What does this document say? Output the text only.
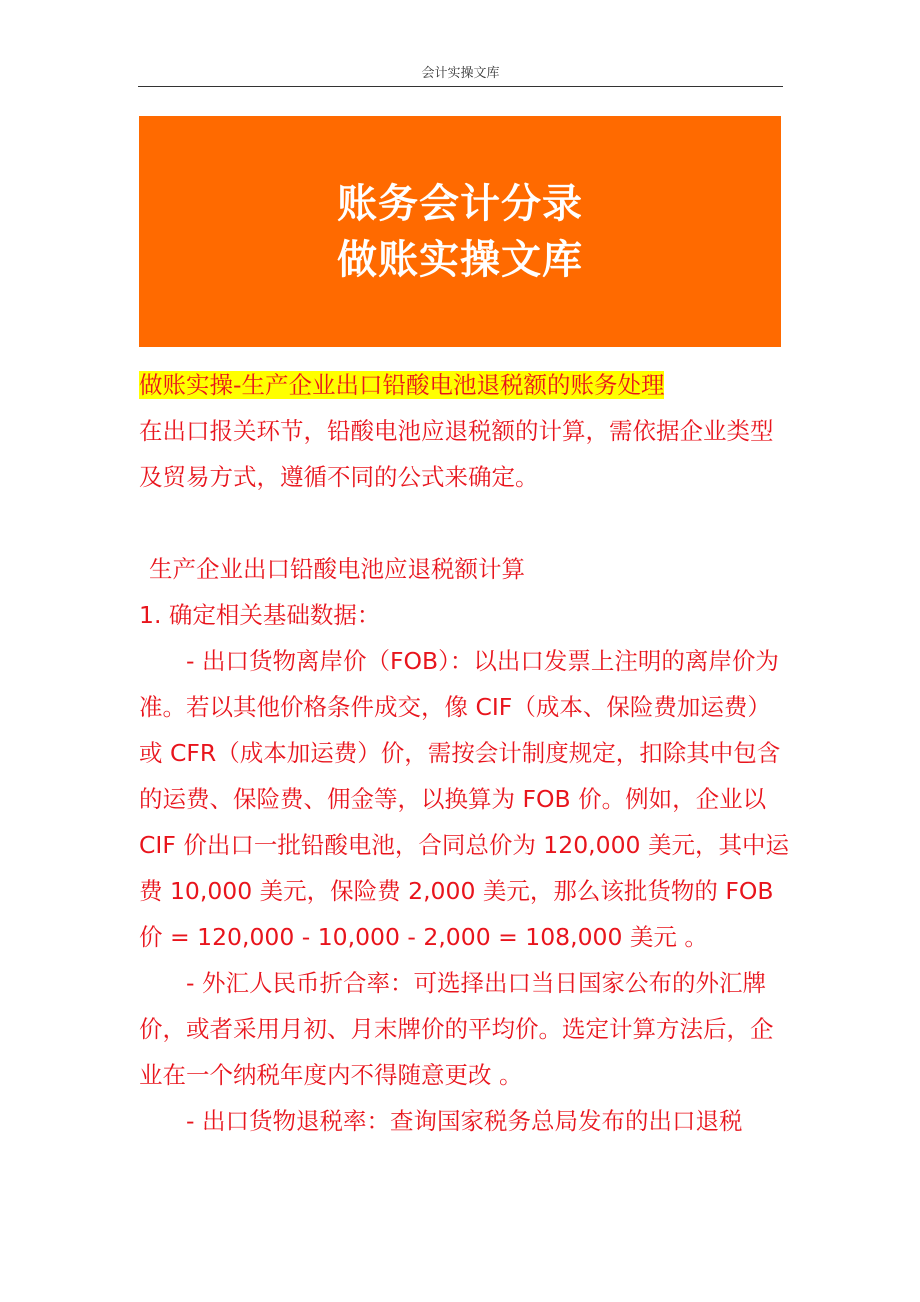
会计实操文库
账务会计分录
做账实操文库

做账实操-生产企业出口铅酸电池退税额的账务处理

在出口报关环节，铅酸电池应退税额的计算，需依据企业类型及贸易方式，遵循不同的公式来确定。

生产企业出口铅酸电池应退税额计算

1. 确定相关基础数据：

- 出口货物离岸价（FOB）：以出口发票上注明的离岸价为准。若以其他价格条件成交，像 CIF（成本、保险费加运费）或 CFR（成本加运费）价，需按会计制度规定，扣除其中包含的运费、保险费、佣金等，以换算为 FOB 价。例如，企业以 CIF 价出口一批铅酸电池，合同总价为 120,000 美元，其中运费 10,000 美元，保险费 2,000 美元，那么该批货物的 FOB 价 = 120,000 - 10,000 - 2,000 = 108,000 美元 。

- 外汇人民币折合率：可选择出口当日国家公布的外汇牌价，或者采用月初、月末牌价的平均价。选定计算方法后，企业在一个纳税年度内不得随意更改 。

- 出口货物退税率：查询国家税务总局发布的出口退税
